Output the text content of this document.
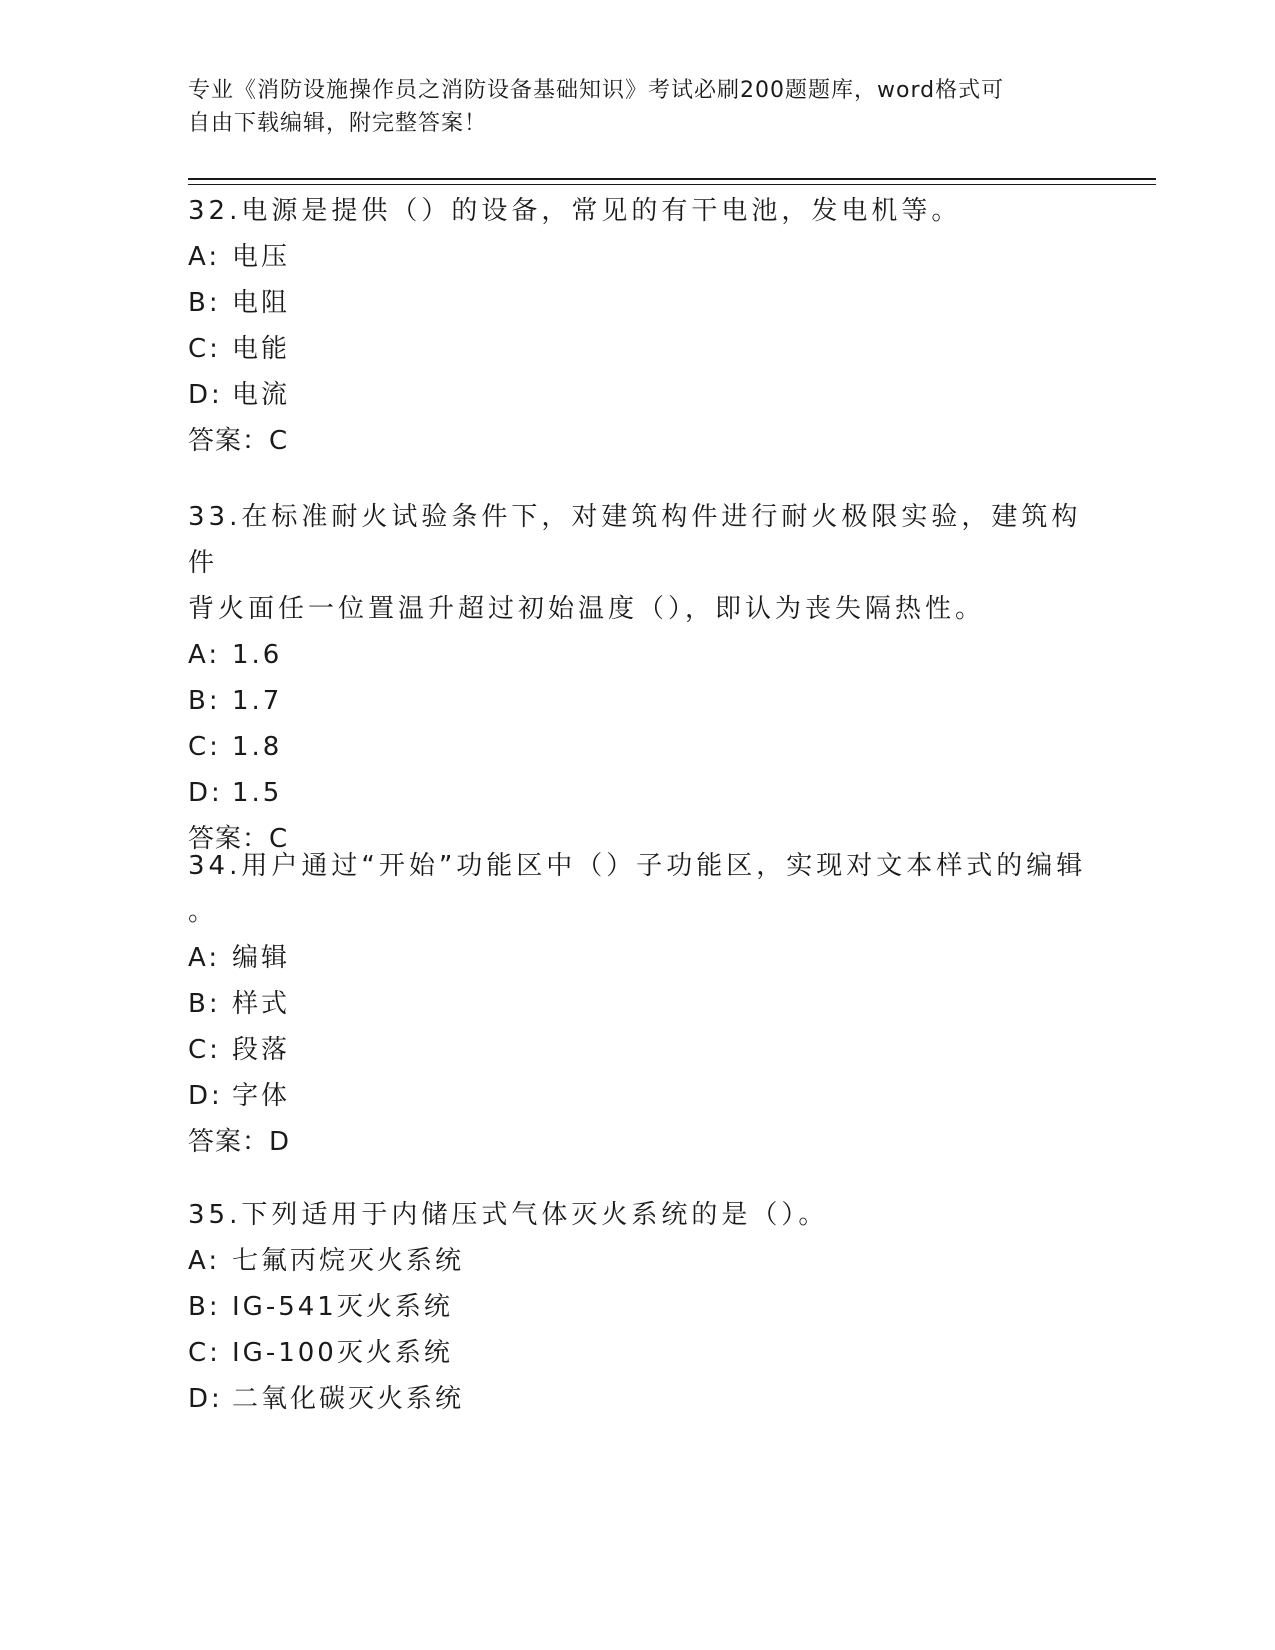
专业《消防设施操作员之消防设备基础知识》考试必刷200题题库，word格式可
自由下载编辑，附完整答案！

32.电源是提供（）的设备，常见的有干电池，发电机等。

A: 电压

B: 电阻

C: 电能

D: 电流

答案：C

33.在标准耐火试验条件下，对建筑构件进行耐火极限实验，建筑构件

背火面任一位置温升超过初始温度（），即认为丧失隔热性。

A: 1.6

B: 1.7

C: 1.8

D: 1.5

答案：C

34.用户通过“开始”功能区中（）子功能区，实现对文本样式的编辑

。

A: 编辑

B: 样式

C: 段落

D: 字体

答案：D

35.下列适用于内储压式气体灭火系统的是（）。

A: 七氟丙烷灭火系统

B: IG-541灭火系统

C: IG-100灭火系统

D: 二氧化碳灭火系统
